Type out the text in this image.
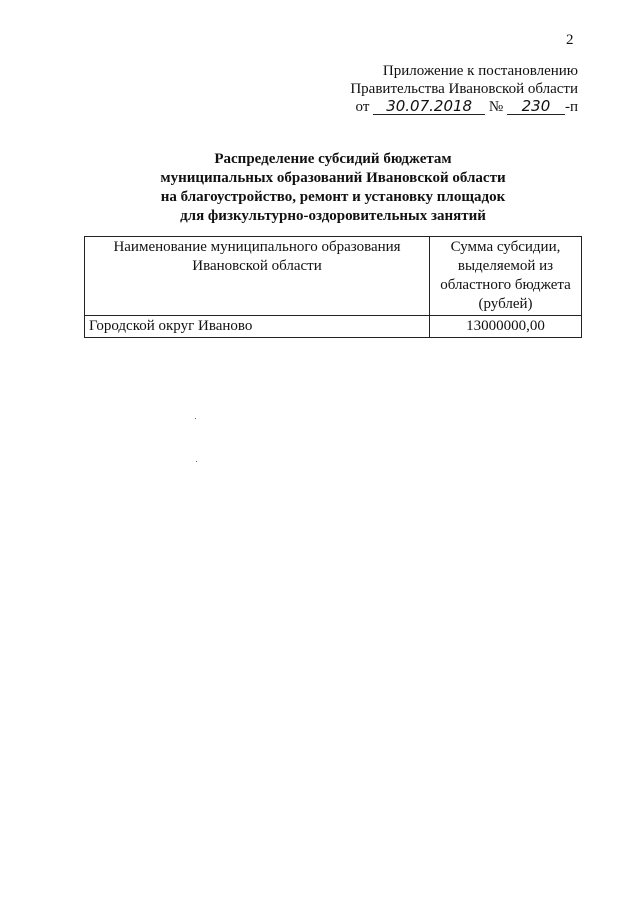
2
Приложение к постановлению
Правительства Ивановской области
от 30.07.2018 № 230 -п
Распределение субсидий бюджетам
муниципальных образований Ивановской области
на благоустройство, ремонт и установку площадок
для физкультурно-оздоровительных занятий
Наименование муниципального образования Ивановской области	Сумма субсидии, выделяемой из областного бюджета (рублей)
Городской округ Иваново	13000000,00
